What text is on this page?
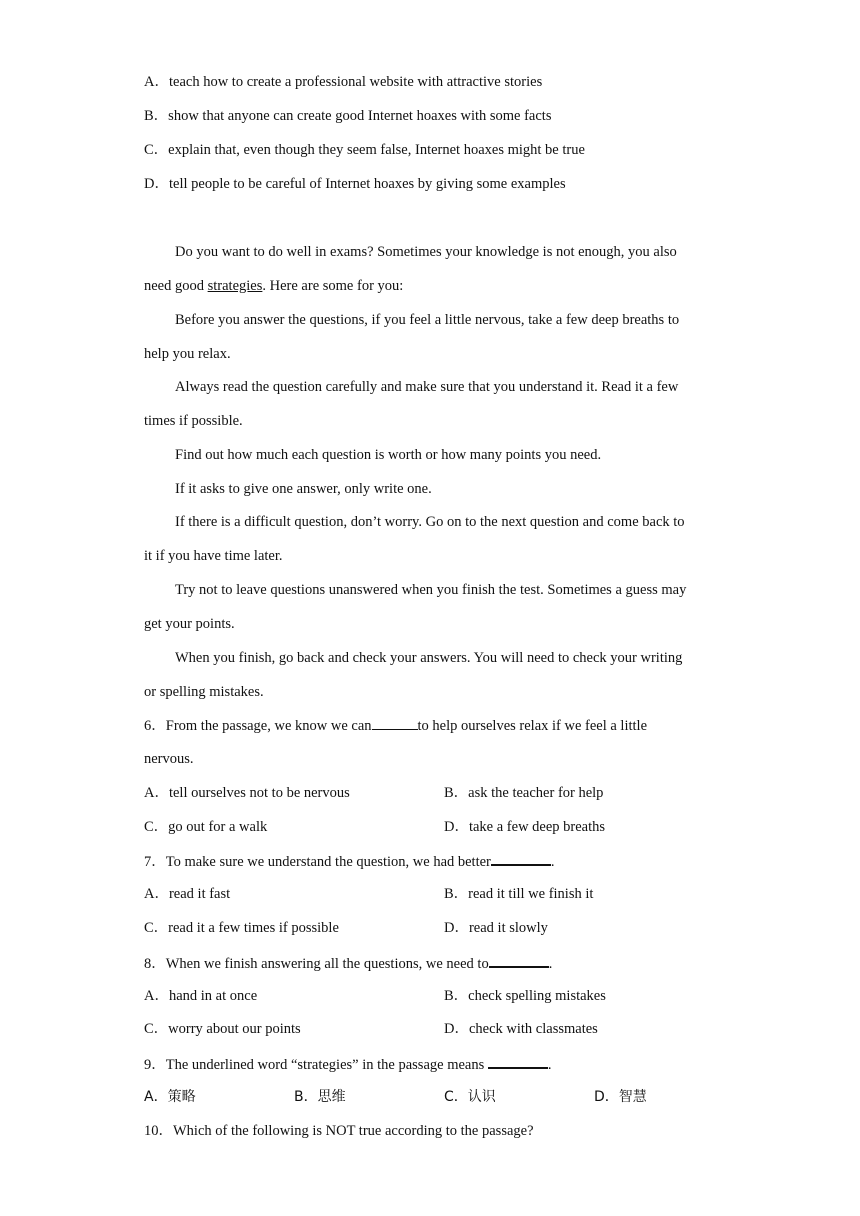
A．teach how to create a professional website with attractive stories
B．show that anyone can create good Internet hoaxes with some facts
C．explain that, even though they seem false, Internet hoaxes might be true
D．tell people to be careful of Internet hoaxes by giving some examples
Do you want to do well in exams? Sometimes your knowledge is not enough, you also
need good strategies. Here are some for you:
Before you answer the questions, if you feel a little nervous, take a few deep breaths to
help you relax.
Always read the question carefully and make sure that you understand it. Read it a few
times if possible.
Find out how much each question is worth or how many points you need.
If it asks to give one answer, only write one.
If there is a difficult question, don’t worry. Go on to the next question and come back to
it if you have time later.
Try not to leave questions unanswered when you finish the test. Sometimes a guess may
get your points.
When you finish, go back and check your answers. You will need to check your writing
or spelling mistakes.
6．From the passage, we know we can	to help ourselves relax if we feel a little
nervous.
A．tell ourselves not to be nervous	B．ask the teacher for help
C．go out for a walk	D．take a few deep breaths
7．To make sure we understand the question, we had better	.
A．read it fast	B．read it till we finish it
C．read it a few times if possible	D．read it slowly
8．When we finish answering all the questions, we need to	.
A．hand in at once	B．check spelling mistakes
C．worry about our points	D．check with classmates
9．The underlined word “strategies” in the passage means	.
A．策略	B．思维	C．认识	D．智慧
10．Which of the following is NOT true according to the passage?
